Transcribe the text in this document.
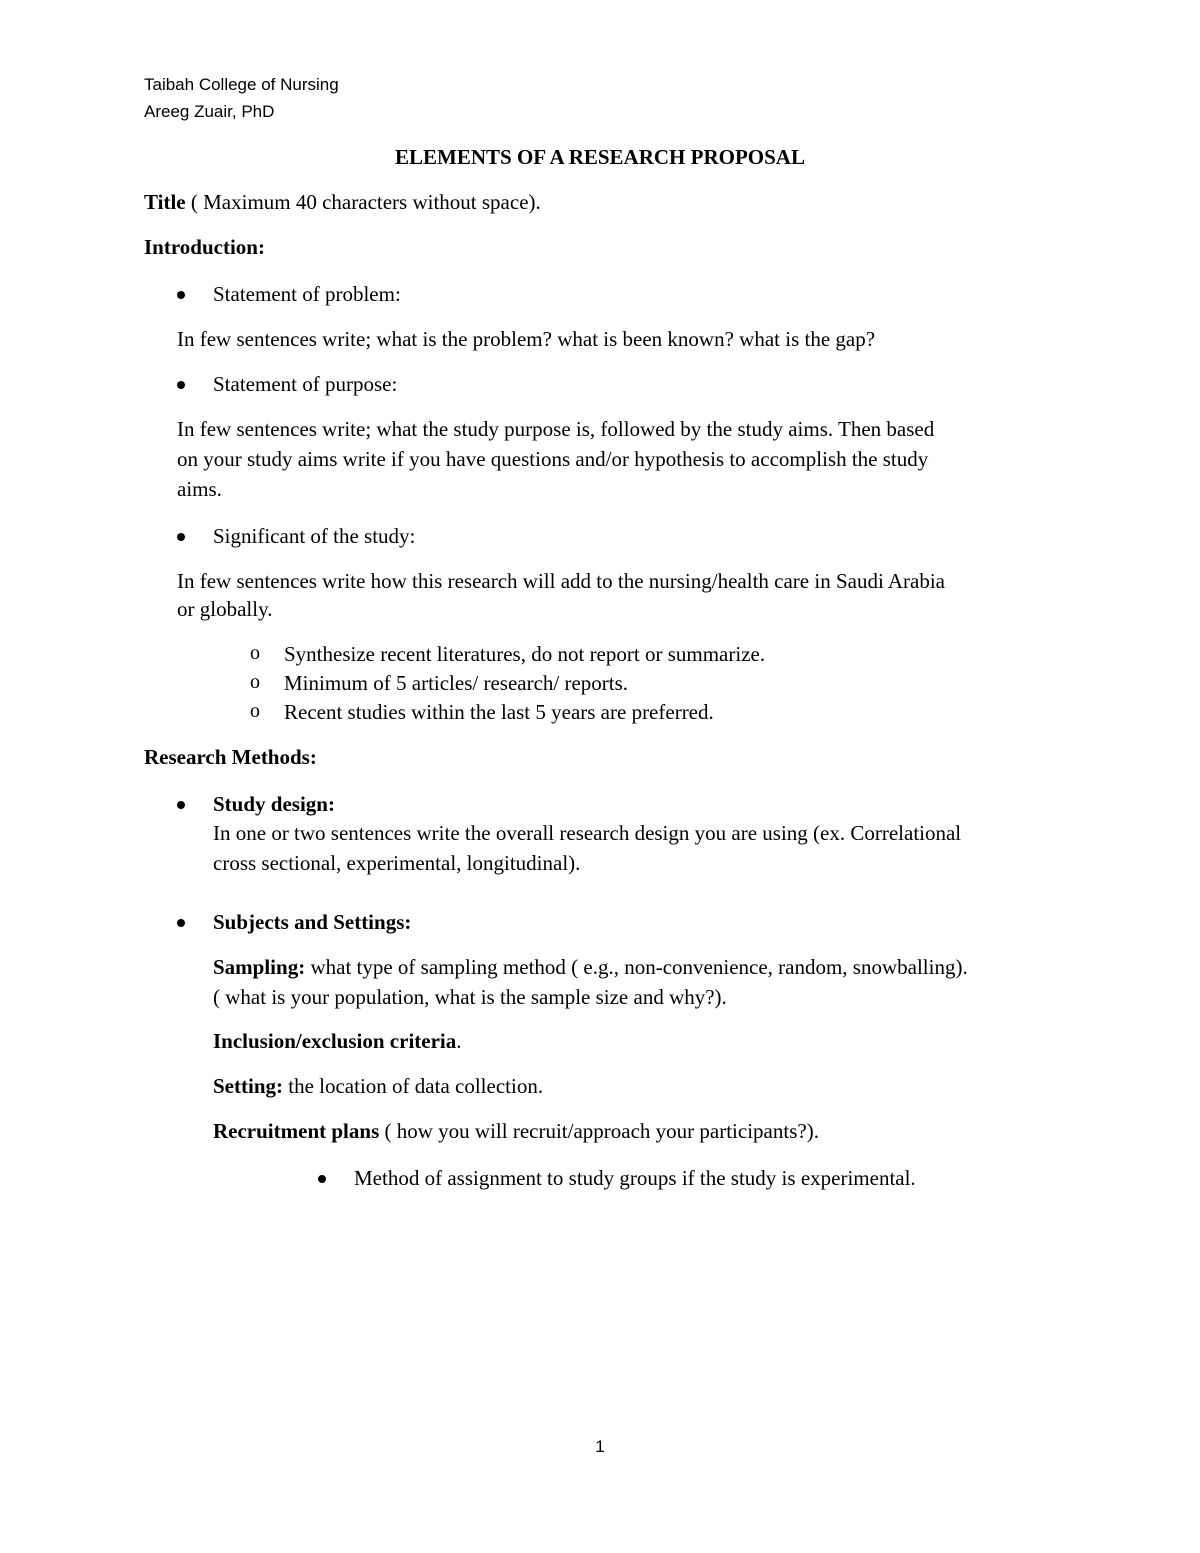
Taibah College of Nursing
Areeg Zuair, PhD
ELEMENTS OF A RESEARCH PROPOSAL
Title ( Maximum 40 characters without space).
Introduction:
Statement of problem:
In few sentences write; what is the problem? what is been known? what is the gap?
Statement of purpose:
In few sentences write; what the study purpose is, followed by the study aims. Then based
on your study aims write if you have questions and/or hypothesis to accomplish the study
aims.
Significant of the study:
In few sentences write how this research will add to the nursing/health care in Saudi Arabia
or globally.
o Synthesize recent literatures, do not report or summarize.
o Minimum of 5 articles/ research/ reports.
o Recent studies within the last 5 years are preferred.
Research Methods:
Study design:
In one or two sentences write the overall research design you are using (ex. Correlational
cross sectional, experimental, longitudinal).
Subjects and Settings:
Sampling: what type of sampling method ( e.g., non-convenience, random, snowballing).
( what is your population, what is the sample size and why?).
Inclusion/exclusion criteria.
Setting: the location of data collection.
Recruitment plans ( how you will recruit/approach your participants?).
Method of assignment to study groups if the study is experimental.
1
